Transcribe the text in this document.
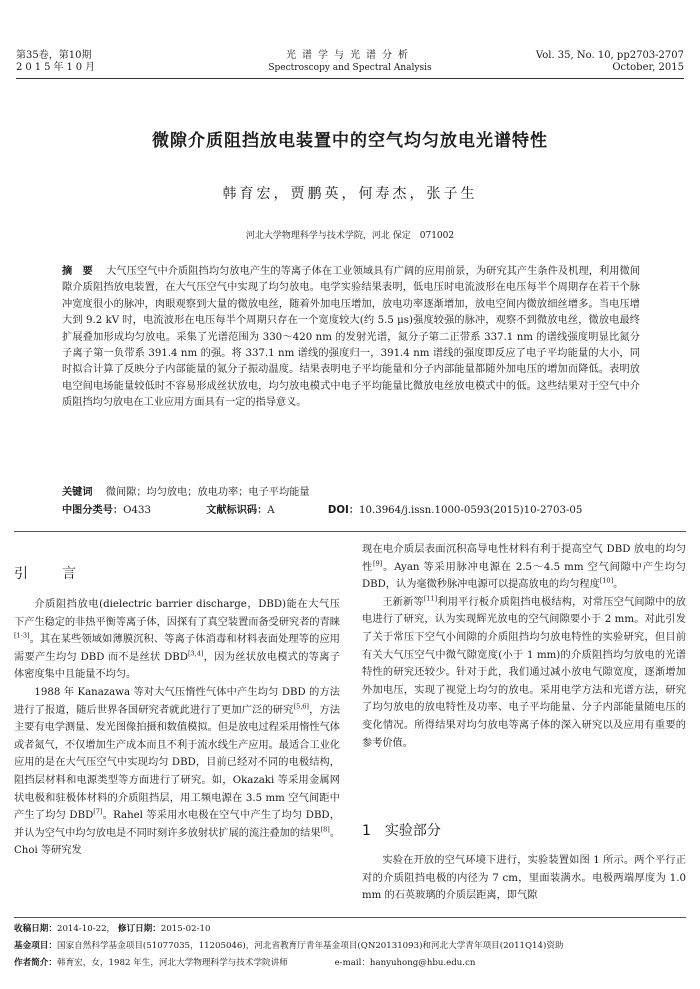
第35卷，第10期
2015年10月
光谱学与光谱分析
Spectroscopy and Spectral Analysis
Vol. 35, No. 10, pp2703-2707
October, 2015
微隙介质阻挡放电装置中的空气均匀放电光谱特性
韩育宏，贾鹏英，何寿杰，张子生
河北大学物理科学与技术学院，河北 保定　071002
摘　要 大气压空气中介质阻挡均匀放电产生的等离子体在工业领域具有广阔的应用前景，为研究其产生条件及机理，利用微间隙介质阻挡放电装置，在大气压空气中实现了均匀放电。电学实验结果表明，低电压时电流波形在电压每半个周期存在若干个脉冲宽度很小的脉冲，肉眼观察到大量的微放电丝，随着外加电压增加，放电功率逐渐增加，放电空间内微放细丝增多。当电压增大到 9.2 kV 时，电流波形在电压每半个周期只存在一个宽度较大(约 5.5 μs)强度较强的脉冲，观察不到微放电丝，微放电最终扩展叠加形成均匀放电。采集了光谱范围为 330～420 nm 的发射光谱，氮分子第二正带系 337.1 nm 的谱线强度明显比氮分子离子第一负带系 391.4 nm 的强。将 337.1 nm 谱线的强度归一，391.4 nm 谱线的强度即反应了电子平均能量的大小，同时拟合计算了反映分子内部能量的氮分子振动温度。结果表明电子平均能量和分子内部能量都随外加电压的增加而降低。表明放电空间电场能量较低时不容易形成丝状放电，均匀放电模式中电子平均能量比微放电丝放电模式中的低。这些结果对于空气中介质阻挡均匀放电在工业应用方面具有一定的指导意义。
关键词 微间隙；均匀放电；放电功率；电子平均能量
中图分类号：O433	文献标识码：A	DOI：10.3964/j.issn.1000-0593(2015)10-2703-05
引　言

介质阻挡放电(dielectric barrier discharge，DBD)能在大气压下产生稳定的非热平衡等离子体，因探有了真空装置而备受研究者的青睐[1-3]。其在某些领域如薄膜沉积、等离子体消毒和材料表面处理等的应用需要产生均匀 DBD 而不是丝状 DBD[3,4]，因为丝状放电模式的等离子体密度集中且能量不均匀。

1988 年 Kanazawa 等对大气压惰性气体中产生均匀 DBD 的方法进行了报道，随后世界各国研究者就此进行了更加广泛的研究[5,6]，方法主要有电学测量、发光图像拍摄和数值模拟。但是放电过程采用惰性气体或者氮气，不仅增加生产成本而且不利于流水线生产应用。最适合工业化应用的是在大气压空气中实现均匀 DBD，目前已经对不同的电极结构，阻挡层材料和电源类型等方面进行了研究。如，Okazaki 等采用金属网状电极和驻极体材料的介质阻挡层，用工频电源在 3.5 mm 空气间距中产生了均匀 DBD[7]。Rahel 等采用水电极在空气中产生了均匀 DBD，并认为空气中均匀放电是不同时刻许多放射状扩展的流注叠加的结果[8]。Choi 等研究发

现在电介质层表面沉积高导电性材料有利于提高空气 DBD 放电的均匀性[9]。Ayan 等采用脉冲电源在 2.5～4.5 mm 空气间隙中产生均匀 DBD，认为毫微秒脉冲电源可以提高放电的均匀程度[10]。

王新新等[11]利用平行板介质阻挡电极结构，对常压空气间隙中的放电进行了研究，认为实现辉光放电的空气间隙要小于 2 mm。对此引发了关于常压下空气小间隙的介质阻挡均匀放电特性的实验研究，但目前有关大气压空气中微气隙宽度(小于 1 mm)的介质阻挡均匀放电的光谱特性的研究还较少。针对于此，我们通过减小放电气隙宽度，逐渐增加外加电压，实现了视觉上均匀的放电。采用电学方法和光谱方法，研究了均匀放电的放电特性及功率、电子平均能量、分子内部能量随电压的变化情况。所得结果对均匀放电等离子体的深入研究以及应用有重要的参考价值。

1　实验部分

实验在开放的空气环境下进行，实验装置如图 1 所示。两个平行正对的介质阻挡电极的内径为 7 cm，里面装满水。电极两端厚度为 1.0 mm 的石英玻璃的介质层距离，即气隙

收稿日期：2014-10-22， 修订日期：2015-02-10
基金项目：国家自然科学基金项目(51077035，11205046)，河北省教育厅青年基金项目(QN20131093)和河北大学青年项目(2011Q14)资助
作者简介：韩育宏，女，1982 年生，河北大学物理科学与技术学院讲师	e-mail：hanyuhong@hbu.edu.cn
